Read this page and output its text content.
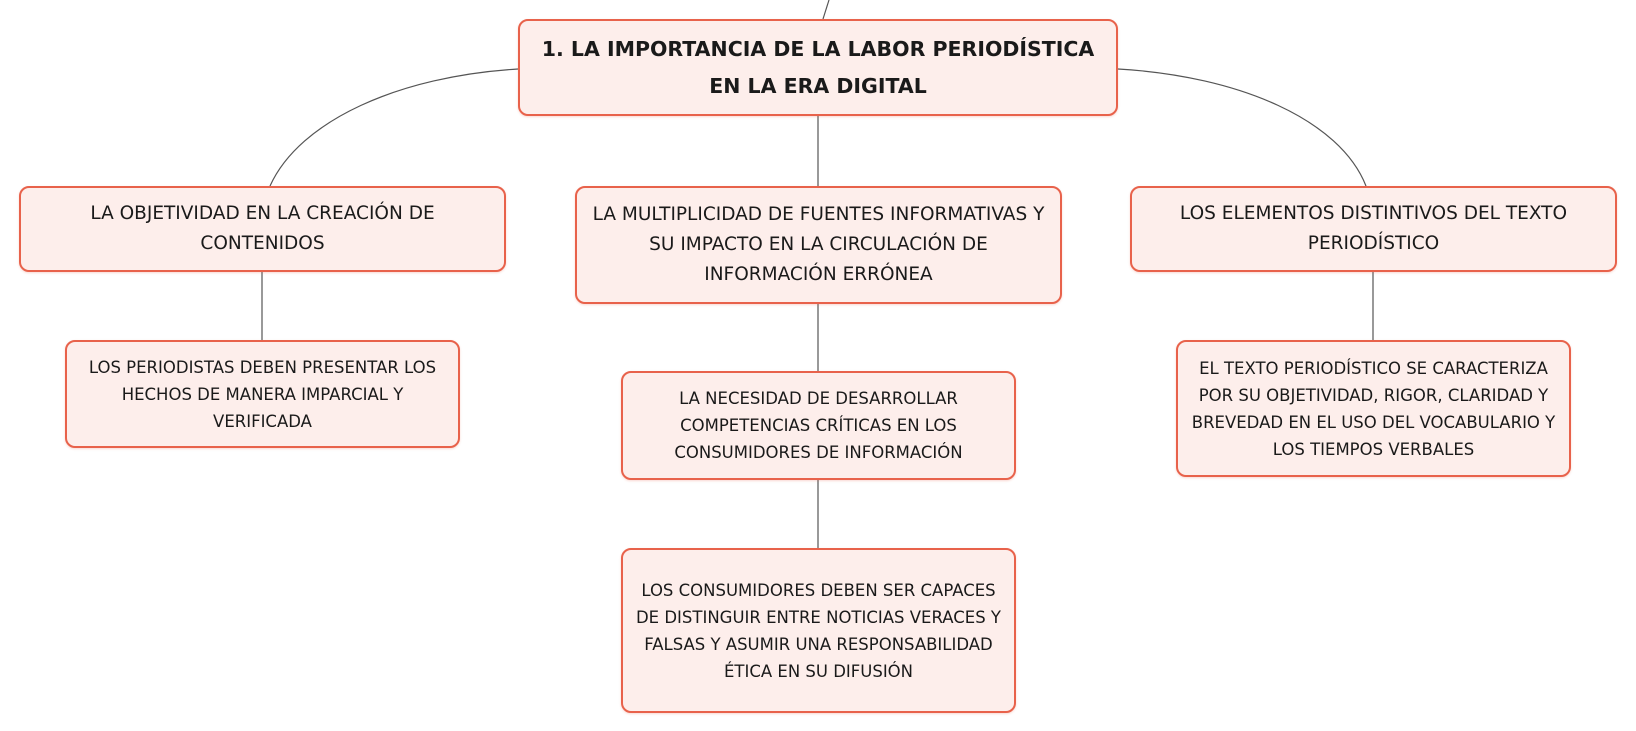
1. LA IMPORTANCIA DE LA LABOR PERIODÍSTICA EN LA ERA DIGITAL
LA OBJETIVIDAD EN LA CREACIÓN DE CONTENIDOS
LA MULTIPLICIDAD DE FUENTES INFORMATIVAS Y SU IMPACTO EN LA CIRCULACIÓN DE INFORMACIÓN ERRÓNEA
LOS ELEMENTOS DISTINTIVOS DEL TEXTO PERIODÍSTICO
LOS PERIODISTAS DEBEN PRESENTAR LOS HECHOS DE MANERA IMPARCIAL Y VERIFICADA
LA NECESIDAD DE DESARROLLAR COMPETENCIAS CRÍTICAS EN LOS CONSUMIDORES DE INFORMACIÓN
LOS CONSUMIDORES DEBEN SER CAPACES DE DISTINGUIR ENTRE NOTICIAS VERACES Y FALSAS Y ASUMIR UNA RESPONSABILIDAD ÉTICA EN SU DIFUSIÓN
EL TEXTO PERIODÍSTICO SE CARACTERIZA POR SU OBJETIVIDAD, RIGOR, CLARIDAD Y BREVEDAD EN EL USO DEL VOCABULARIO Y LOS TIEMPOS VERBALES
